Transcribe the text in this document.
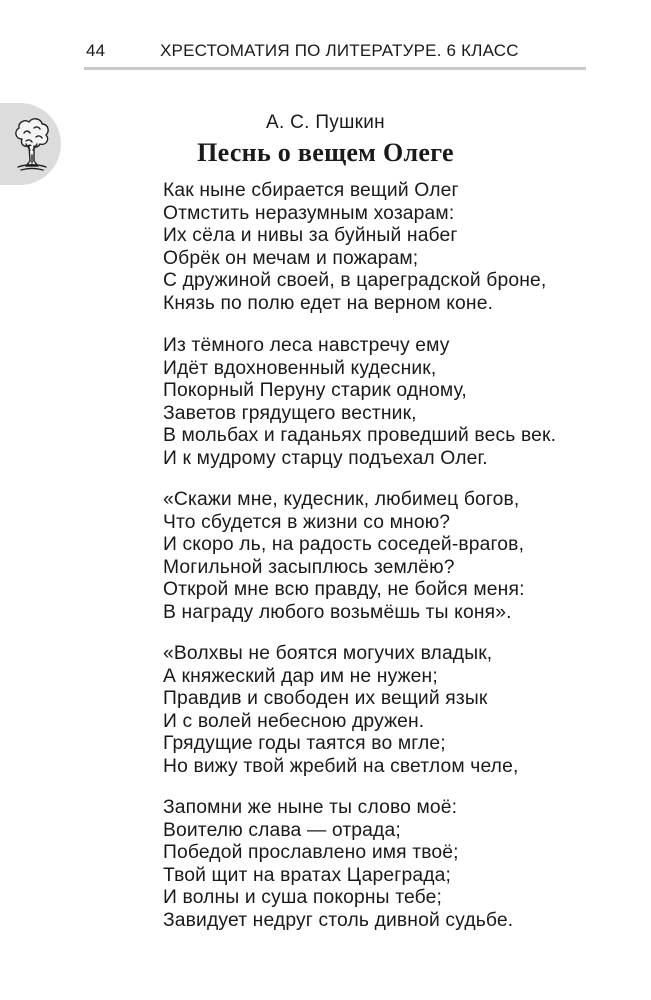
44	ХРЕСТОМАТИЯ ПО ЛИТЕРАТУРЕ. 6 КЛАСС
А. С. Пушкин
Песнь о вещем Олеге
Как ныне сбирается вещий Олег
Отмстить неразумным хозарам:
Их сёла и нивы за буйный набег
Обрёк он мечам и пожарам;
С дружиной своей, в цареградской броне,
Князь по полю едет на верном коне.
Из тёмного леса навстречу ему
Идёт вдохновенный кудесник,
Покорный Перуну старик одному,
Заветов грядущего вестник,
В мольбах и гаданьях проведший весь век.
И к мудрому старцу подъехал Олег.
«Скажи мне, кудесник, любимец богов,
Что сбудется в жизни со мною?
И скоро ль, на радость соседей-врагов,
Могильной засыплюсь землёю?
Открой мне всю правду, не бойся меня:
В награду любого возьмёшь ты коня».
«Волхвы не боятся могучих владык,
А княжеский дар им не нужен;
Правдив и свободен их вещий язык
И с волей небесною дружен.
Грядущие годы таятся во мгле;
Но вижу твой жребий на светлом челе,
Запомни же ныне ты слово моё:
Воителю слава — отрада;
Победой прославлено имя твоё;
Твой щит на вратах Цареграда;
И волны и суша покорны тебе;
Завидует недруг столь дивной судьбе.
